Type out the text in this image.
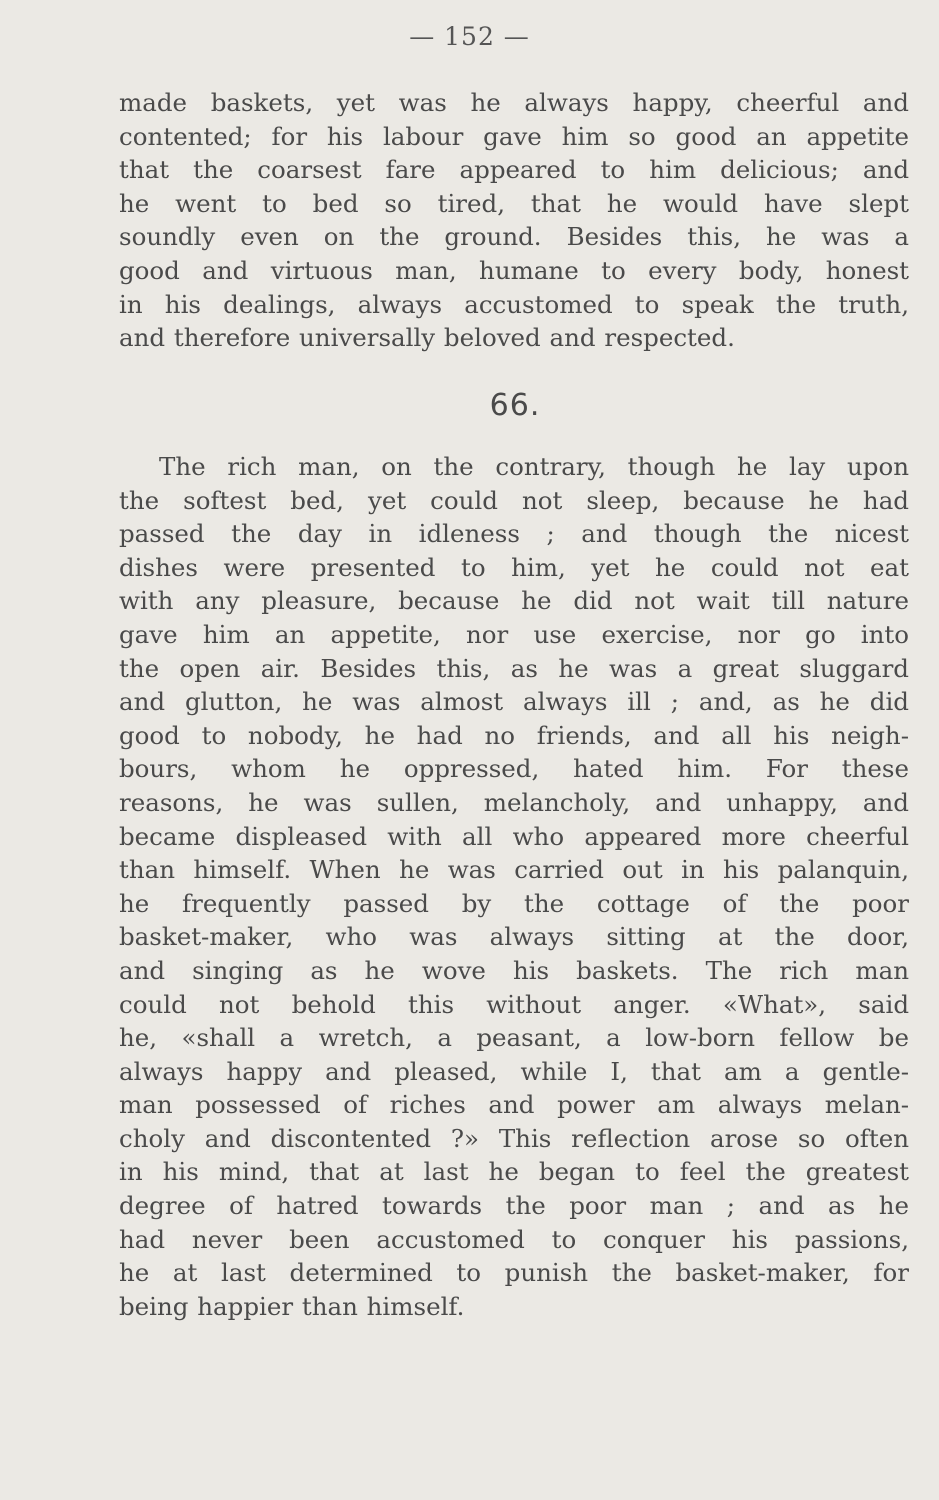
— 152 —
made baskets, yet was he always happy, cheerful and
contented; for his labour gave him so good an appetite
that the coarsest fare appeared to him delicious; and
he went to bed so tired, that he would have slept
soundly even on the ground. Besides this, he was a
good and virtuous man, humane to every body, honest
in his dealings, always accustomed to speak the truth,
and therefore universally beloved and respected.
66.
The rich man, on the contrary, though he lay upon
the softest bed, yet could not sleep, because he had
passed the day in idleness ; and though the nicest
dishes were presented to him, yet he could not eat
with any pleasure, because he did not wait till nature
gave him an appetite, nor use exercise, nor go into
the open air. Besides this, as he was a great sluggard
and glutton, he was almost always ill ; and, as he did
good to nobody, he had no friends, and all his neigh-
bours, whom he oppressed, hated him. For these
reasons, he was sullen, melancholy, and unhappy, and
became displeased with all who appeared more cheerful
than himself. When he was carried out in his palanquin,
he frequently passed by the cottage of the poor
basket-maker, who was always sitting at the door,
and singing as he wove his baskets. The rich man
could not behold this without anger. «What», said
he, «shall a wretch, a peasant, a low-born fellow be
always happy and pleased, while I, that am a gentle-
man possessed of riches and power am always melan-
choly and discontented ?» This reflection arose so often
in his mind, that at last he began to feel the greatest
degree of hatred towards the poor man ; and as he
had never been accustomed to conquer his passions,
he at last determined to punish the basket-maker, for
being happier than himself.
